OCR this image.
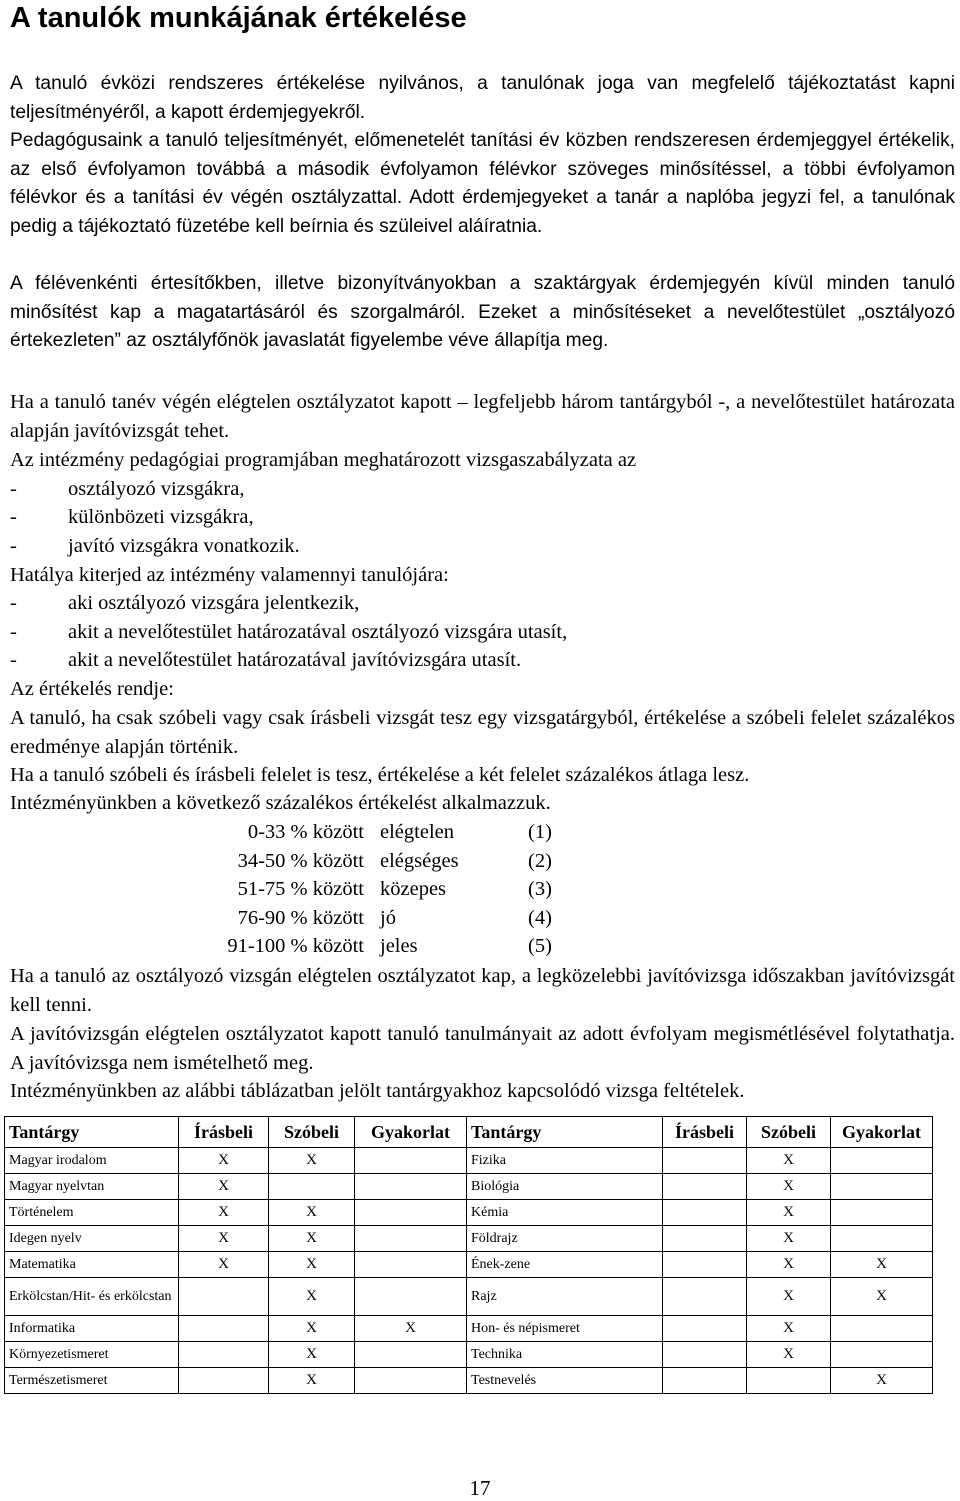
A tanulók munkájának értékelése

A tanuló évközi rendszeres értékelése nyilvános, a tanulónak joga van megfelelő tájékoztatást kapni teljesítményéről, a kapott érdemjegyekről.

Pedagógusaink a tanuló teljesítményét, előmenetelét tanítási év közben rendszeresen érdemjeggyel értékelik, az első évfolyamon továbbá a második évfolyamon félévkor szöveges minősítéssel, a többi évfolyamon félévkor és a tanítási év végén osztályzattal. Adott érdemjegyeket a tanár a naplóba jegyzi fel, a tanulónak pedig a tájékoztató füzetébe kell beírnia és szüleivel aláíratnia.

A félévenkénti értesítőkben, illetve bizonyítványokban a szaktárgyak érdemjegyén kívül minden tanuló minősítést kap a magatartásáról és szorgalmáról. Ezeket a minősítéseket a nevelőtestület „osztályozó értekezleten” az osztályfőnök javaslatát figyelembe véve állapítja meg.

Ha a tanuló tanév végén elégtelen osztályzatot kapott – legfeljebb három tantárgyból -, a nevelőtestület határozata alapján javítóvizsgát tehet.

Az intézmény pedagógiai programjában meghatározott vizsgaszabályzata az

- osztályozó vizsgákra,

- különbözeti vizsgákra,

- javító vizsgákra vonatkozik.

Hatálya kiterjed az intézmény valamennyi tanulójára:

- aki osztályozó vizsgára jelentkezik,

- akit a nevelőtestület határozatával osztályozó vizsgára utasít,

- akit a nevelőtestület határozatával javítóvizsgára utasít.

Az értékelés rendje:

A tanuló, ha csak szóbeli vagy csak írásbeli vizsgát tesz egy vizsgatárgyból, értékelése a szóbeli felelet százalékos eredménye alapján történik.

Ha a tanuló szóbeli és írásbeli felelet is tesz, értékelése a két felelet százalékos átlaga lesz.

Intézményünkben a következő százalékos értékelést alkalmazzuk.

0-33 % között elégtelen	(1)
34-50 % között elégséges	(2)
51-75 % között közepes	(3)
76-90 % között jó	(4)
91-100 % között jeles	(5)

Ha a tanuló az osztályozó vizsgán elégtelen osztályzatot kap, a legközelebbi javítóvizsga időszakban javítóvizsgát kell tenni.

A javítóvizsgán elégtelen osztályzatot kapott tanuló tanulmányait az adott évfolyam megismétlésével folytathatja. A javítóvizsga nem ismételhető meg.

Intézményünkben az alábbi táblázatban jelölt tantárgyakhoz kapcsolódó vizsga feltételek.

Tantárgy	Írásbeli	Szóbeli	Gyakorlat	Tantárgy	Írásbeli	Szóbeli	Gyakorlat
Magyar irodalom	X	X		Fizika		X	
Magyar nyelvtan	X			Biológia		X	
Történelem	X	X		Kémia		X	
Idegen nyelv	X	X		Földrajz		X	
Matematika	X	X		Ének-zene		X	X
Erkölcstan/Hit- és erkölcstan		X		Rajz		X	X
Informatika		X	X	Hon- és népismeret		X	
Környezetismeret		X		Technika		X	
Természetismeret		X		Testnevelés			X
17
